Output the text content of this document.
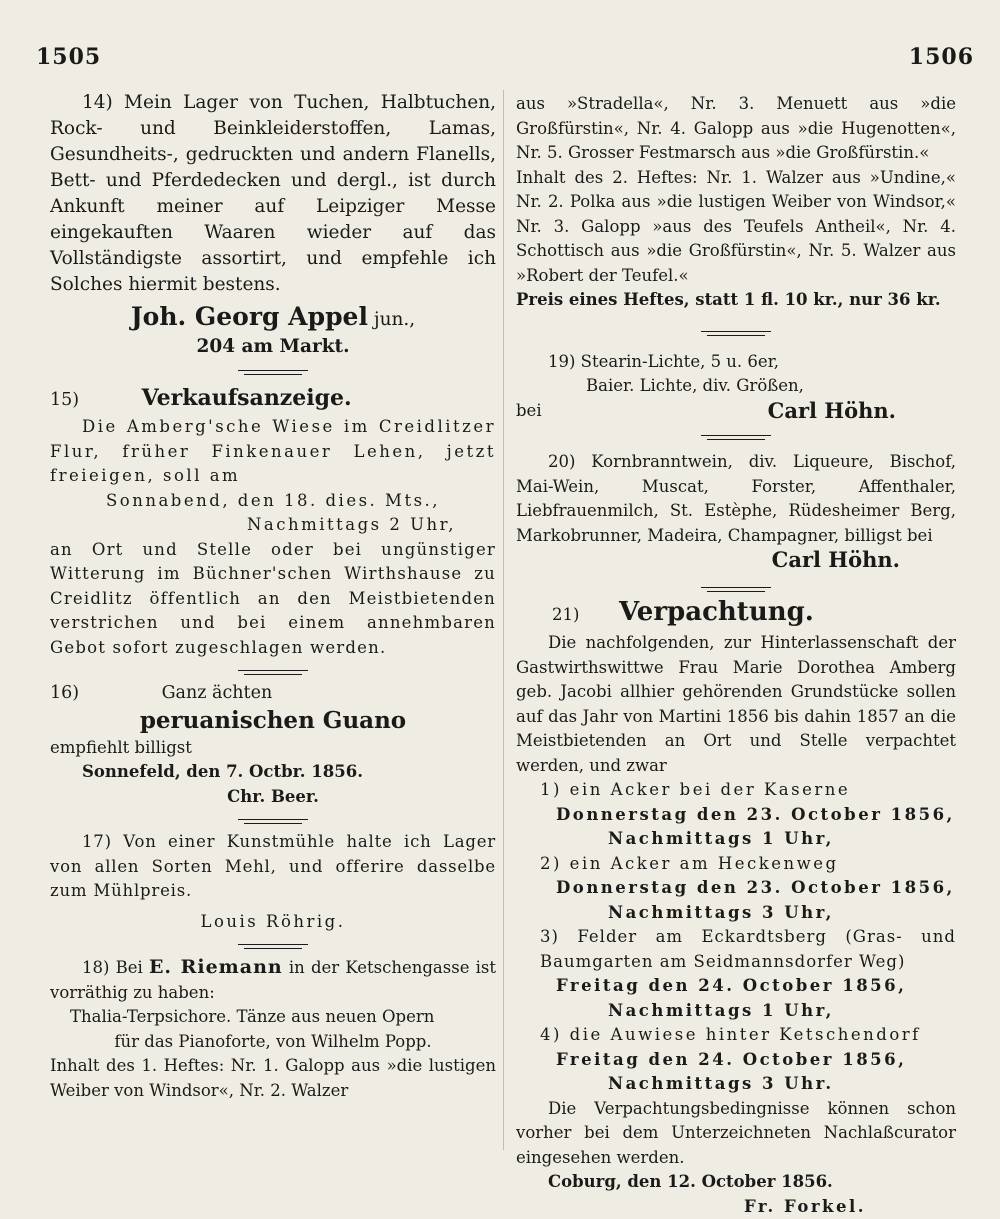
1505	1506

14) Mein Lager von Tuchen, Halbtuchen, Rock- und Beinkleiderstoffen, Lamas, Gesundheits-, gedruckten und andern Flanells, Bett- und Pferdedecken und dergl., ist durch Ankunft meiner auf Leipziger Messe eingekauften Waaren wieder auf das Vollständigste assortirt, und empfehle ich Solches hiermit bestens.

Joh. Georg Appel jun.,

204 am Markt.

15)	Verkaufsanzeige.

Die Amberg'sche Wiese im Creidlitzer Flur, früher Finkenauer Lehen, jetzt freieigen, soll am

Sonnabend, den 18. dies. Mts.,

Nachmittags 2 Uhr,

an Ort und Stelle oder bei ungünstiger Witterung im Büchner'schen Wirthshause zu Creidlitz öffentlich an den Meistbietenden verstrichen und bei einem annehmbaren Gebot sofort zugeschlagen werden.

16)	Ganz ächten

peruanischen Guano

empfiehlt billigst

Sonnefeld, den 7. Octbr. 1856.

Chr. Beer.

17) Von einer Kunstmühle halte ich Lager von allen Sorten Mehl, und offerire dasselbe zum Mühlpreis.

Louis Röhrig.

18) Bei E. Riemann in der Ketschengasse ist vorräthig zu haben:

Thalia-Terpsichore. Tänze aus neuen Opern

für das Pianoforte, von Wilhelm Popp.

Inhalt des 1. Heftes: Nr. 1. Galopp aus »die lustigen Weiber von Windsor«, Nr. 2. Walzer

aus »Stradella«, Nr. 3. Menuett aus »die Großfürstin«, Nr. 4. Galopp aus »die Hugenotten«, Nr. 5. Grosser Festmarsch aus »die Großfürstin.«

Inhalt des 2. Heftes: Nr. 1. Walzer aus »Undine,« Nr. 2. Polka aus »die lustigen Weiber von Windsor,« Nr. 3. Galopp »aus des Teufels Antheil«, Nr. 4. Schottisch aus »die Großfürstin«, Nr. 5. Walzer aus »Robert der Teufel.«

Preis eines Heftes, statt 1 fl. 10 kr., nur 36 kr.

19) Stearin-Lichte, 5 u. 6er,

Baier. Lichte, div. Größen,

bei	Carl Höhn.

20) Kornbranntwein, div. Liqueure, Bischof, Mai-Wein, Muscat, Forster, Affenthaler, Liebfrauenmilch, St. Estèphe, Rüdesheimer Berg, Markobrunner, Madeira, Champagner, billigst bei

Carl Höhn.

21) Verpachtung.

Die nachfolgenden, zur Hinterlassenschaft der Gastwirthswittwe Frau Marie Dorothea Amberg geb. Jacobi allhier gehörenden Grundstücke sollen auf das Jahr von Martini 1856 bis dahin 1857 an die Meistbietenden an Ort und Stelle verpachtet werden, und zwar

1) ein Acker bei der Kaserne

Donnerstag den 23. October 1856,

Nachmittags 1 Uhr,

2) ein Acker am Heckenweg

Donnerstag den 23. October 1856,

Nachmittags 3 Uhr,

3) Felder am Eckardtsberg (Gras- und Baumgarten am Seidmannsdorfer Weg)

Freitag den 24. October 1856,

Nachmittags 1 Uhr,

4) die Auwiese hinter Ketschendorf

Freitag den 24. October 1856,

Nachmittags 3 Uhr.

Die Verpachtungsbedingnisse können schon vorher bei dem Unterzeichneten Nachlaßcurator eingesehen werden.

Coburg, den 12. October 1856.

Fr. Forkel.
